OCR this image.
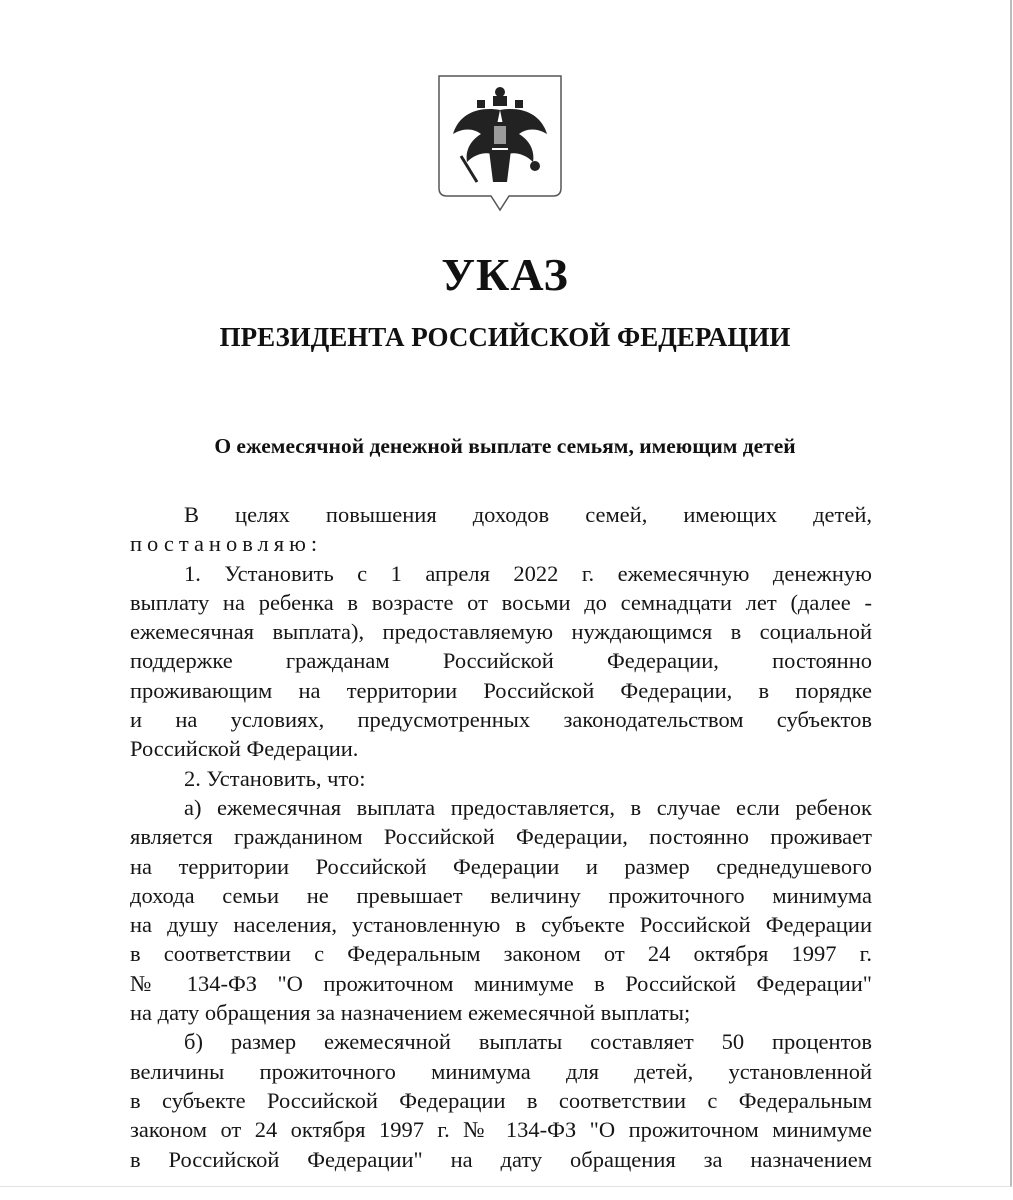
УКАЗ
ПРЕЗИДЕНТА РОССИЙСКОЙ ФЕДЕРАЦИИ
О ежемесячной денежной выплате семьям, имеющим детей
В целях повышения доходов семей, имеющих детей,
постановляю:
1. Установить с 1 апреля 2022 г. ежемесячную денежную
выплату на ребенка в возрасте от восьми до семнадцати лет (далее -
ежемесячная выплата), предоставляемую нуждающимся в социальной
поддержке гражданам Российской Федерации, постоянно
проживающим на территории Российской Федерации, в порядке
и на условиях, предусмотренных законодательством субъектов
Российской Федерации.
2. Установить, что:
а) ежемесячная выплата предоставляется, в случае если ребенок
является гражданином Российской Федерации, постоянно проживает
на территории Российской Федерации и размер среднедушевого
дохода семьи не превышает величину прожиточного минимума
на душу населения, установленную в субъекте Российской Федерации
в соответствии с Федеральным законом от 24 октября 1997 г.
№ 134-ФЗ "О прожиточном минимуме в Российской Федерации"
на дату обращения за назначением ежемесячной выплаты;
б) размер ежемесячной выплаты составляет 50 процентов
величины прожиточного минимума для детей, установленной
в субъекте Российской Федерации в соответствии с Федеральным
законом от 24 октября 1997 г. № 134-ФЗ "О прожиточном минимуме
в Российской Федерации" на дату обращения за назначением
